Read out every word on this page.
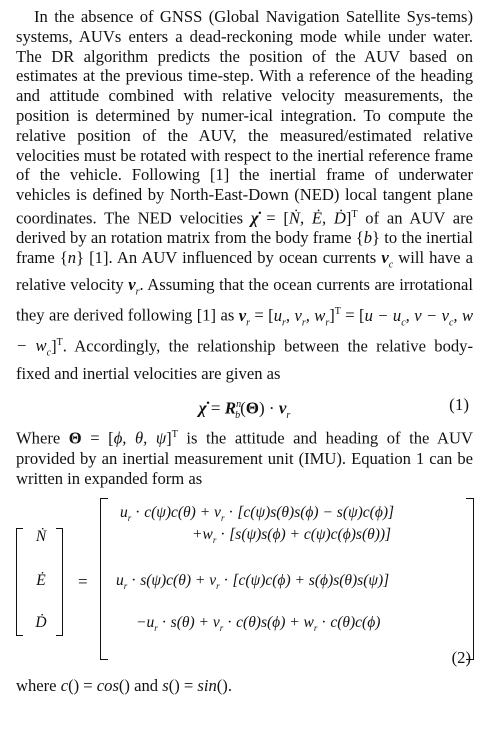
In the absence of GNSS (Global Navigation Satellite Sys-tems) systems, AUVs enters a dead-reckoning mode while under water. The DR algorithm predicts the position of the AUV based on estimates at the previous time-step. With a reference of the heading and attitude combined with relative velocity measurements, the position is determined by numer-ical integration. To compute the relative position of the AUV, the measured/estimated relative velocities must be rotated with respect to the inertial reference frame of the vehicle. Following [1] the inertial frame of underwater vehicles is defined by North-East-Down (NED) local tangent plane coordinates. The NED velocities χ̇ = [Ṅ, Ė, Ḋ]$^T$ of an AUV are derived by an rotation matrix from the body frame {b} to the inertial frame {n} [1]. An AUV influenced by ocean currents $v_c$ will have a relative velocity $v_r$. Assuming that the ocean currents are irrotational they are derived following [1] as $v_r = [u_r$, $v_r$, $w_r]^T = [u - u_c$, $v - v_c$, $w - w_c]^T$. Accordingly, the relationship between the relative body-fixed and inertial velocities are given as

χ̇ = $R^n_b(\Theta) \cdot v_r$
(1)

Where Θ = [ϕ, θ, ψ]$^T$ is the attitude and heading of the AUV provided by an inertial measurement unit (IMU). Equation 1 can be written in expanded form as

Ṅ
Ė
Ḋ
=
$u_r \cdot c(\psi)c(\theta) + v_r \cdot [c(\psi)s(\theta)s(\phi) - s(\psi)c(\phi)]$
$+w_r \cdot [s(\psi)s(\phi) + c(\psi)c(\phi)s(\theta))$]
$u_r \cdot s(\psi)c(\theta) + v_r \cdot [c(\psi)c(\phi) + s(\phi)s(\theta)s(\psi)]$
$-u_r \cdot s(\theta) + v_r \cdot c(\theta)s(\phi) + w_r \cdot c(\theta)c(\phi)$
(2)

where c() = cos() and s() = sin().
